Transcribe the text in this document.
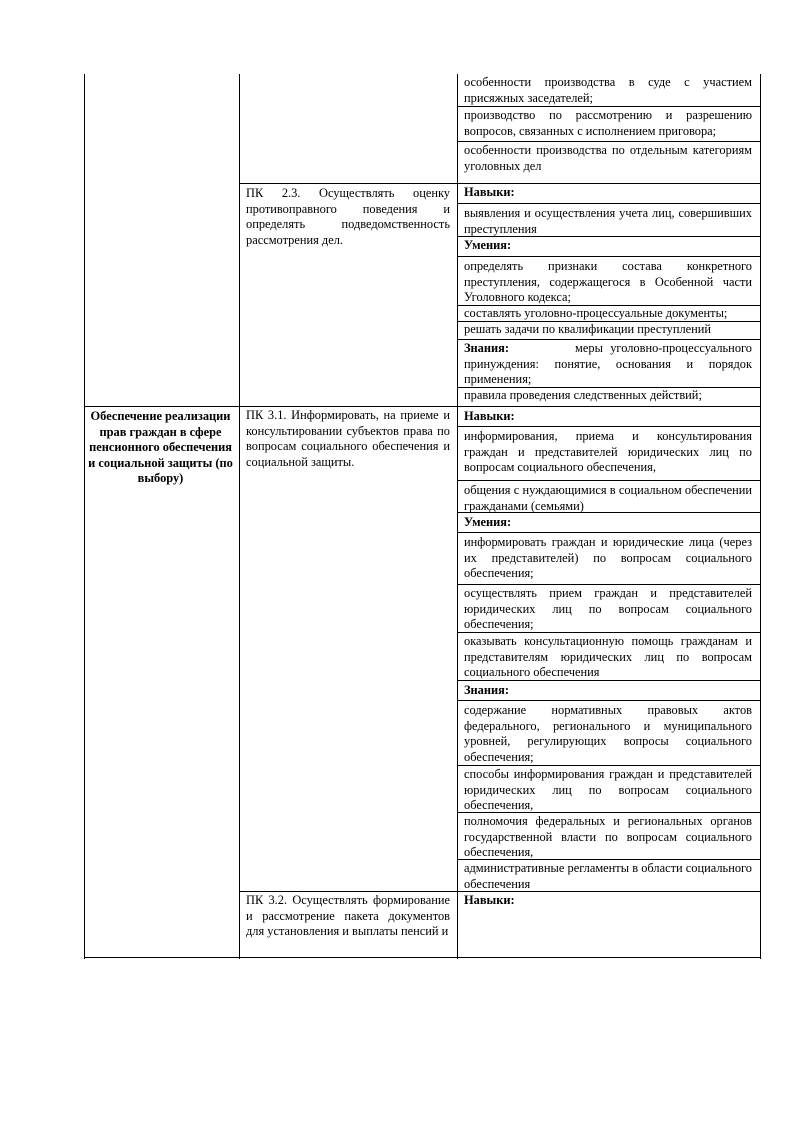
ПК 2.3. Осуществлять оценку противоправного поведения и определять подведомственность рассмотрения дел.
особенности производства в суде с участием присяжных заседателей;
производство по рассмотрению и разрешению вопросов, связанных с исполнением приговора;
особенности производства по отдельным категориям уголовных дел
Навыки:
выявления и осуществления учета лиц, совершивших преступления
Умения:
определять признаки состава конкретного преступления, содержащегося в Особенной части Уголовного кодекса;
составлять уголовно-процессуальные документы;
решать задачи по квалификации преступлений
Знания:	меры уголовно-процессуального принуждения: понятие, основания и порядок применения;
правила проведения следственных действий;
Обеспечение реализации прав граждан в сфере пенсионного обеспечения и социальной защиты (по выбору)
ПК 3.1. Информировать, на приеме и консультировании субъектов права по вопросам социального обеспечения и социальной защиты.
ПК 3.2. Осуществлять формирование и рассмотрение пакета документов для установления и выплаты пенсий и
Навыки:
информирования, приема и консультирования граждан и представителей юридических лиц по вопросам социального обеспечения,
общения с нуждающимися в социальном обеспечении гражданами (семьями)
Умения:
информировать граждан и юридические лица (через их представителей) по вопросам социального обеспечения;
осуществлять прием граждан и представителей юридических лиц по вопросам социального обеспечения;
оказывать консультационную помощь гражданам и представителям юридических лиц по вопросам социального обеспечения
Знания:
содержание нормативных правовых актов федерального, регионального и муниципального уровней, регулирующих вопросы социального обеспечения;
способы информирования граждан и представителей юридических лиц по вопросам социального обеспечения,
полномочия федеральных и региональных органов государственной власти по вопросам социального обеспечения,
административные регламенты в области социального обеспечения
Навыки:
